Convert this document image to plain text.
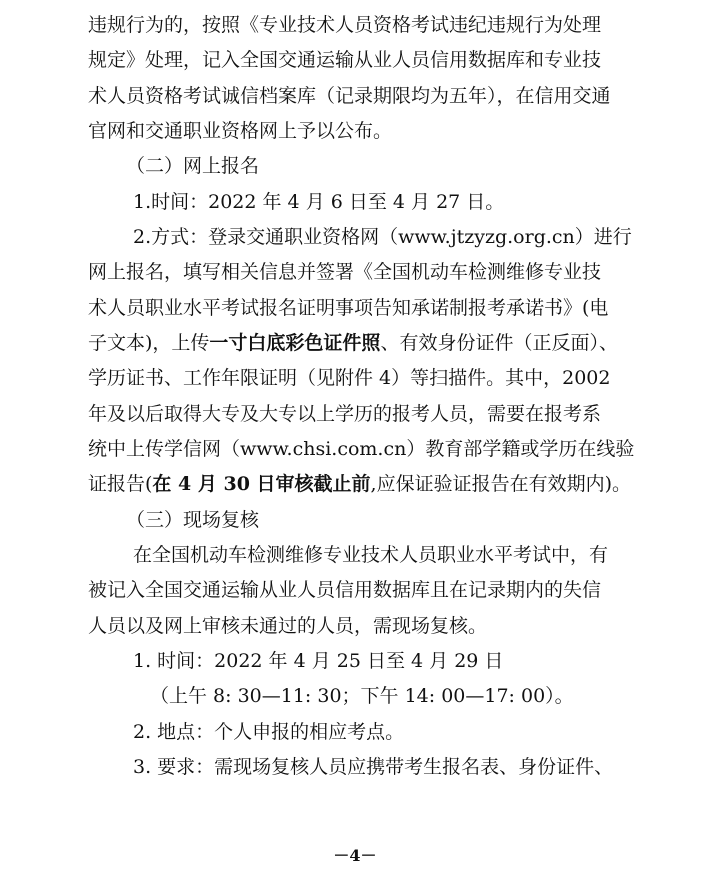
违规行为的，按照《专业技术人员资格考试违纪违规行为处理
规定》处理，记入全国交通运输从业人员信用数据库和专业技
术人员资格考试诚信档案库（记录期限均为五年），在信用交通
官网和交通职业资格网上予以公布。
（二）网上报名
1.时间：2022 年 4 月 6 日至 4 月 27 日。
2.方式：登录交通职业资格网（www.jtzyzg.org.cn）进行
网上报名，填写相关信息并签署《全国机动车检测维修专业技
术人员职业水平考试报名证明事项告知承诺制报考承诺书》(电
子文本)，上传一寸白底彩色证件照、有效身份证件（正反面）、
学历证书、工作年限证明（见附件 4）等扫描件。其中，2002
年及以后取得大专及大专以上学历的报考人员，需要在报考系
统中上传学信网（www.chsi.com.cn）教育部学籍或学历在线验
证报告(在 4 月 30 日审核截止前,应保证验证报告在有效期内)。
（三）现场复核
在全国机动车检测维修专业技术人员职业水平考试中，有
被记入全国交通运输从业人员信用数据库且在记录期内的失信
人员以及网上审核未通过的人员，需现场复核。
1. 时间：2022 年 4 月 25 日至 4 月 29 日
（上午 8: 30—11: 30；下午 14: 00—17: 00）。
2. 地点：个人申报的相应考点。
3. 要求：需现场复核人员应携带考生报名表、身份证件、
－4－
